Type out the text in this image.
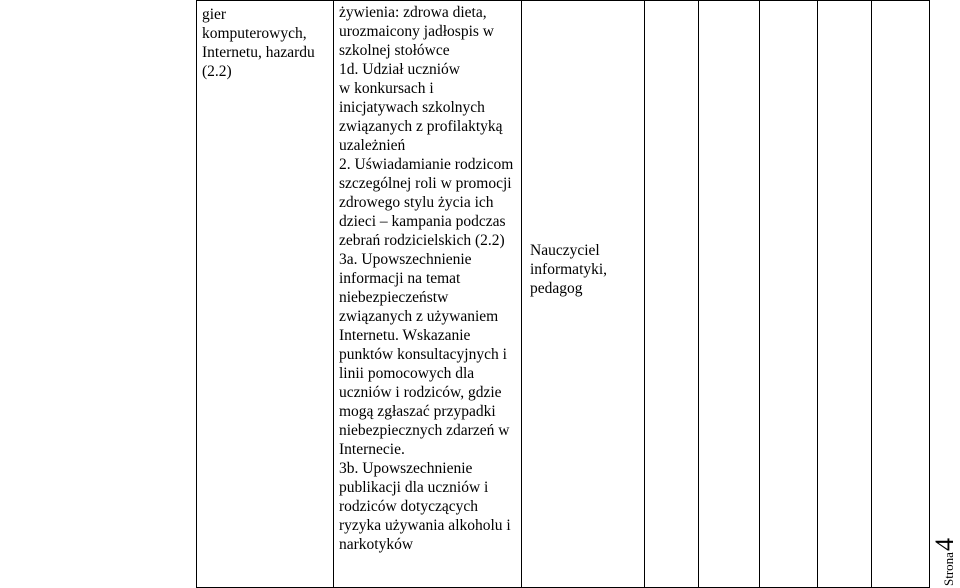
gier
komputerowych,
Internetu, hazardu
(2.2)

żywienia: zdrowa dieta,
urozmaicony jadłospis w
szkolnej stołówce
1d. Udział uczniów
w konkursach i
inicjatywach szkolnych
związanych z profilaktyką
uzależnień
2. Uświadamianie rodzicom
szczególnej roli w promocji
zdrowego stylu życia ich
dzieci – kampania podczas
zebrań rodzicielskich (2.2)
3a. Upowszechnienie
informacji na temat
niebezpieczeństw
związanych z używaniem
Internetu. Wskazanie
punktów konsultacyjnych i
linii pomocowych dla
uczniów i rodziców, gdzie
mogą zgłaszać przypadki
niebezpiecznych zdarzeń w
Internecie.
3b. Upowszechnienie
publikacji dla uczniów i
rodziców dotyczących
ryzyka używania alkoholu i
narkotyków

Nauczyciel
informatyki,
pedagog

Strona
4
